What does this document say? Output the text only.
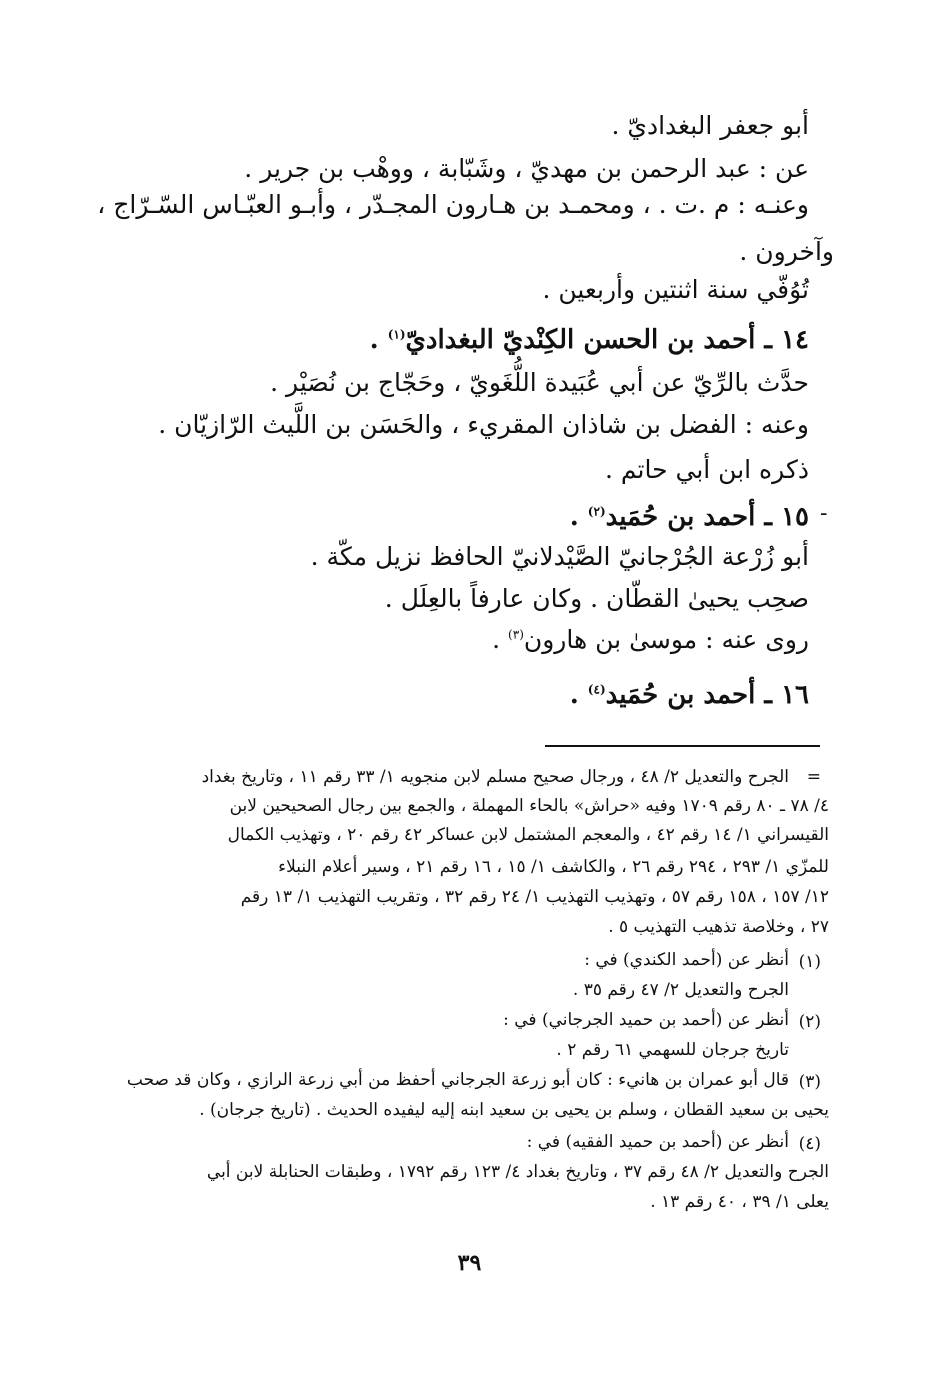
أبو جعفر البغداديّ .

عن : عبد الرحمن بن مهديّ ، وشَبّابة ، ووهْب بن جرير .

وعنـه : م .ت . ، ومحمـد بن هـارون المجـدّر ، وأبـو العبّـاس السّـرّاج ،

وآخرون .

تُوُفّي سنة اثنتين وأربعين .

١٤ ـ أحمد بن الحسن الكِنْديّ البغداديّ$^{(١)}$ .

حدَّث بالرِّيّ عن أبي عُبَيدة اللُّغَويّ ، وحَجّاج بن نُصَيْر .

وعنه : الفضل بن شاذان المقريء ، والحَسَن بن اللَّيث الرّازيّان .

ذكره ابن أبي حاتم .

-

١٥ ـ أحمد بن حُمَيد$^{(٢)}$ .

أبو زُرْعة الجُرْجانيّ الصَّيْدلانيّ الحافظ نزيل مكّة .

صحِب يحيىٰ القطّان . وكان عارفاً بالعِلَل .

روى عنه : موسىٰ بن هارون$^{(٣)}$ .

١٦ ـ أحمد بن حُمَيد$^{(٤)}$ .

=

الجرح والتعديل ٢/ ٤٨ ، ورجال صحيح مسلم لابن منجويه ١/ ٣٣ رقم ١١ ، وتاريخ بغداد

٤/ ٧٨ ـ ٨٠ رقم ١٧٠٩ وفيه «حراش» بالحاء المهملة ، والجمع بين رجال الصحيحين لابن

القيسراني ١/ ١٤ رقم ٤٢ ، والمعجم المشتمل لابن عساكر ٤٢ رقم ٢٠ ، وتهذيب الكمال

للمزّي ١/ ٢٩٣ ، ٢٩٤ رقم ٢٦ ، والكاشف ١/ ١٥ ، ١٦ رقم ٢١ ، وسير أعلام النبلاء

١٢/ ١٥٧ ، ١٥٨ رقم ٥٧ ، وتهذيب التهذيب ١/ ٢٤ رقم ٣٢ ، وتقريب التهذيب ١/ ١٣ رقم

٢٧ ، وخلاصة تذهيب التهذيب ٥ .

(١)

أنظر عن (أحمد الكندي) في :

الجرح والتعديل ٢/ ٤٧ رقم ٣٥ .

(٢)

أنظر عن (أحمد بن حميد الجرجاني) في :

تاريخ جرجان للسهمي ٦١ رقم ٢ .

(٣)

قال أبو عمران بن هانيء : كان أبو زرعة الجرجاني أحفظ من أبي زرعة الرازي ، وكان قد صحب

يحيى بن سعيد القطان ، وسلم بن يحيى بن سعيد ابنه إليه ليفيده الحديث . (تاريخ جرجان) .

(٤)

أنظر عن (أحمد بن حميد الفقيه) في :

الجرح والتعديل ٢/ ٤٨ رقم ٣٧ ، وتاريخ بغداد ٤/ ١٢٣ رقم ١٧٩٢ ، وطبقات الحنابلة لابن أبي

يعلى ١/ ٣٩ ، ٤٠ رقم ١٣ .

٣٩
